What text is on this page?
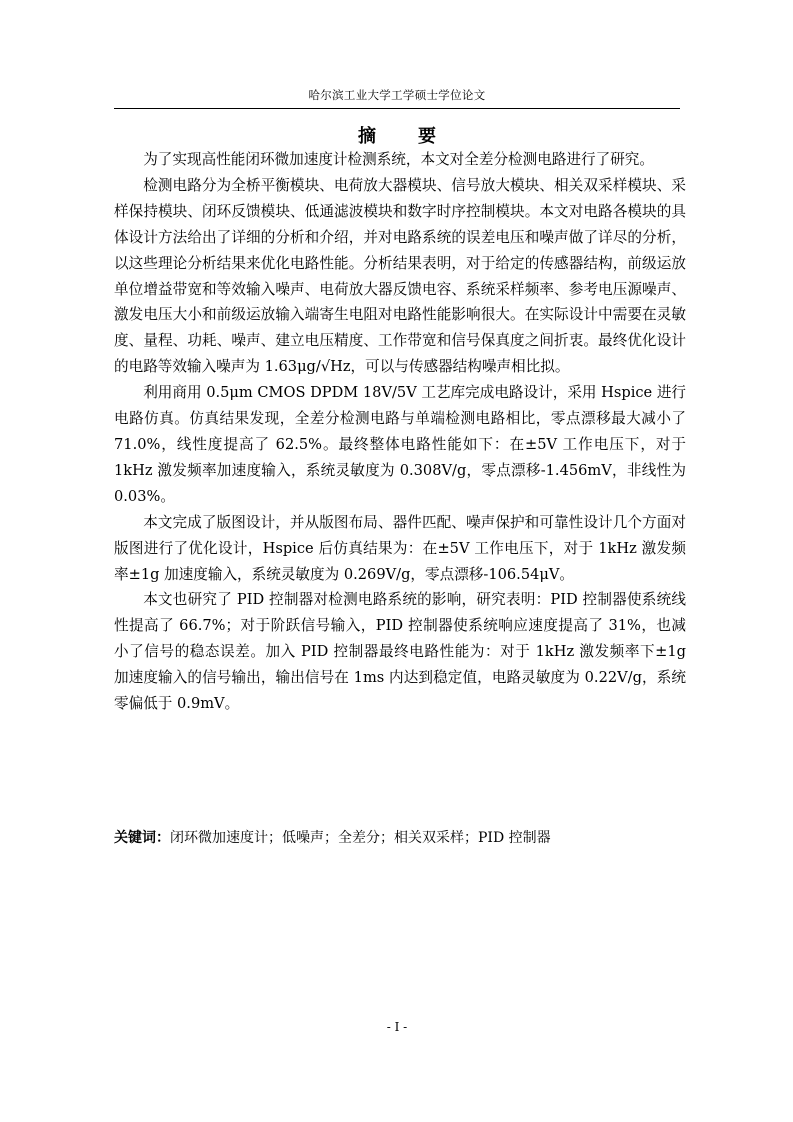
哈尔滨工业大学工学硕士学位论文
摘 要

为了实现高性能闭环微加速度计检测系统，本文对全差分检测电路进行了研究。

检测电路分为全桥平衡模块、电荷放大器模块、信号放大模块、相关双采样模块、采样保持模块、闭环反馈模块、低通滤波模块和数字时序控制模块。本文对电路各模块的具体设计方法给出了详细的分析和介绍，并对电路系统的误差电压和噪声做了详尽的分析，以这些理论分析结果来优化电路性能。分析结果表明，对于给定的传感器结构，前级运放单位增益带宽和等效输入噪声、电荷放大器反馈电容、系统采样频率、参考电压源噪声、激发电压大小和前级运放输入端寄生电阻对电路性能影响很大。在实际设计中需要在灵敏度、量程、功耗、噪声、建立电压精度、工作带宽和信号保真度之间折衷。最终优化设计的电路等效输入噪声为 1.63μg/√Hz，可以与传感器结构噪声相比拟。

利用商用 0.5μm CMOS DPDM 18V/5V 工艺库完成电路设计，采用 Hspice 进行电路仿真。仿真结果发现，全差分检测电路与单端检测电路相比，零点漂移最大减小了 71.0%，线性度提高了 62.5%。最终整体电路性能如下：在±5V 工作电压下，对于 1kHz 激发频率加速度输入，系统灵敏度为 0.308V/g，零点漂移-1.456mV，非线性为 0.03%。

本文完成了版图设计，并从版图布局、器件匹配、噪声保护和可靠性设计几个方面对版图进行了优化设计，Hspice 后仿真结果为：在±5V 工作电压下，对于 1kHz 激发频率±1g 加速度输入，系统灵敏度为 0.269V/g，零点漂移-106.54μV。

本文也研究了 PID 控制器对检测电路系统的影响，研究表明：PID 控制器使系统线性提高了 66.7%；对于阶跃信号输入，PID 控制器使系统响应速度提高了 31%，也减小了信号的稳态误差。加入 PID 控制器最终电路性能为：对于 1kHz 激发频率下±1g 加速度输入的信号输出，输出信号在 1ms 内达到稳定值，电路灵敏度为 0.22V/g，系统零偏低于 0.9mV。

关键词：闭环微加速度计；低噪声；全差分；相关双采样；PID 控制器
- I -
